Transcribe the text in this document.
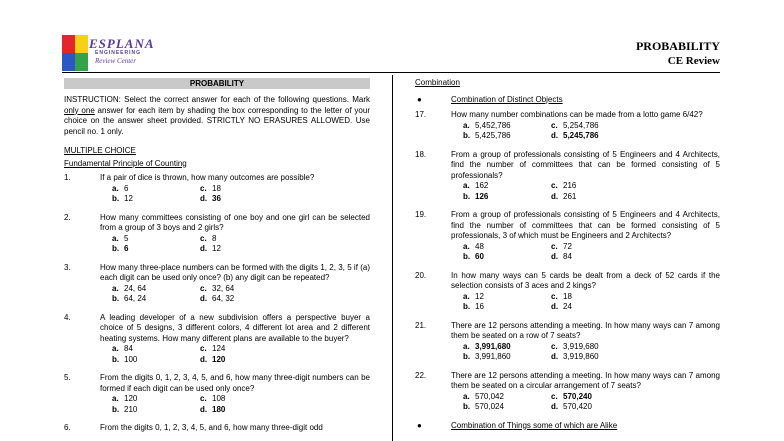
ESPLANA
ENGINEERING
Review Center
PROBABILITY
CE Review
PROBABILITY
INSTRUCTION: Select the correct answer for each of the following questions. Mark only one answer for each item by shading the box corresponding to the letter of your choice on the answer sheet provided. STRICTLY NO ERASURES ALLOWED. Use pencil no. 1 only.
MULTIPLE CHOICE
Fundamental Principle of Counting
1.	If a pair of dice is thrown, how many outcomes are possible?
a. 6	c. 18
b. 12	d. 36
2.	How many committees consisting of one boy and one girl can be selected from a group of 3 boys and 2 girls?
a. 5	c. 8
b. 6	d. 12
3.	How many three-place numbers can be formed with the digits 1, 2, 3, 5 if (a) each digit can be used only once? (b) any digit can be repeated?
a. 24, 64	c. 32, 64
b. 64, 24	d. 64, 32
4.	A leading developer of a new subdivision offers a perspective buyer a choice of 5 designs, 3 different colors, 4 different lot area and 2 different heating systems. How many different plans are available to the buyer?
a. 84	c. 124
b. 100	d. 120
5.	From the digits 0, 1, 2, 3, 4, 5, and 6, how many three-digit numbers can be formed if each digit can be used only once?
a. 120	c. 108
b. 210	d. 180
6.	From the digits 0, 1, 2, 3, 4, 5, and 6, how many three-digit odd
Combination
●	Combination of Distinct Objects
17.	How many number combinations can be made from a lotto game 6/42?
a. 5,452,786	c. 5,254,786
b. 5,425,786	d. 5,245,786
18.	From a group of professionals consisting of 5 Engineers and 4 Architects, find the number of committees that can be formed consisting of 5 professionals?
a. 162	c. 216
b. 126	d. 261
19.	From a group of professionals consisting of 5 Engineers and 4 Architects, find the number of committees that can be formed consisting of 5 professionals, 3 of which must be Engineers and 2 Architects?
a. 48	c. 72
b. 60	d. 84
20.	In how many ways can 5 cards be dealt from a deck of 52 cards if the selection consists of 3 aces and 2 kings?
a. 12	c. 18
b. 16	d. 24
21.	There are 12 persons attending a meeting. In how many ways can 7 among them be seated on a row of 7 seats?
a. 3,991,680	c. 3,919,680
b. 3,991,860	d. 3,919,860
22.	There are 12 persons attending a meeting. In how many ways can 7 among them be seated on a circular arrangement of 7 seats?
a. 570,042	c. 570,240
b. 570,024	d. 570,420
●	Combination of Things some of which are Alike
